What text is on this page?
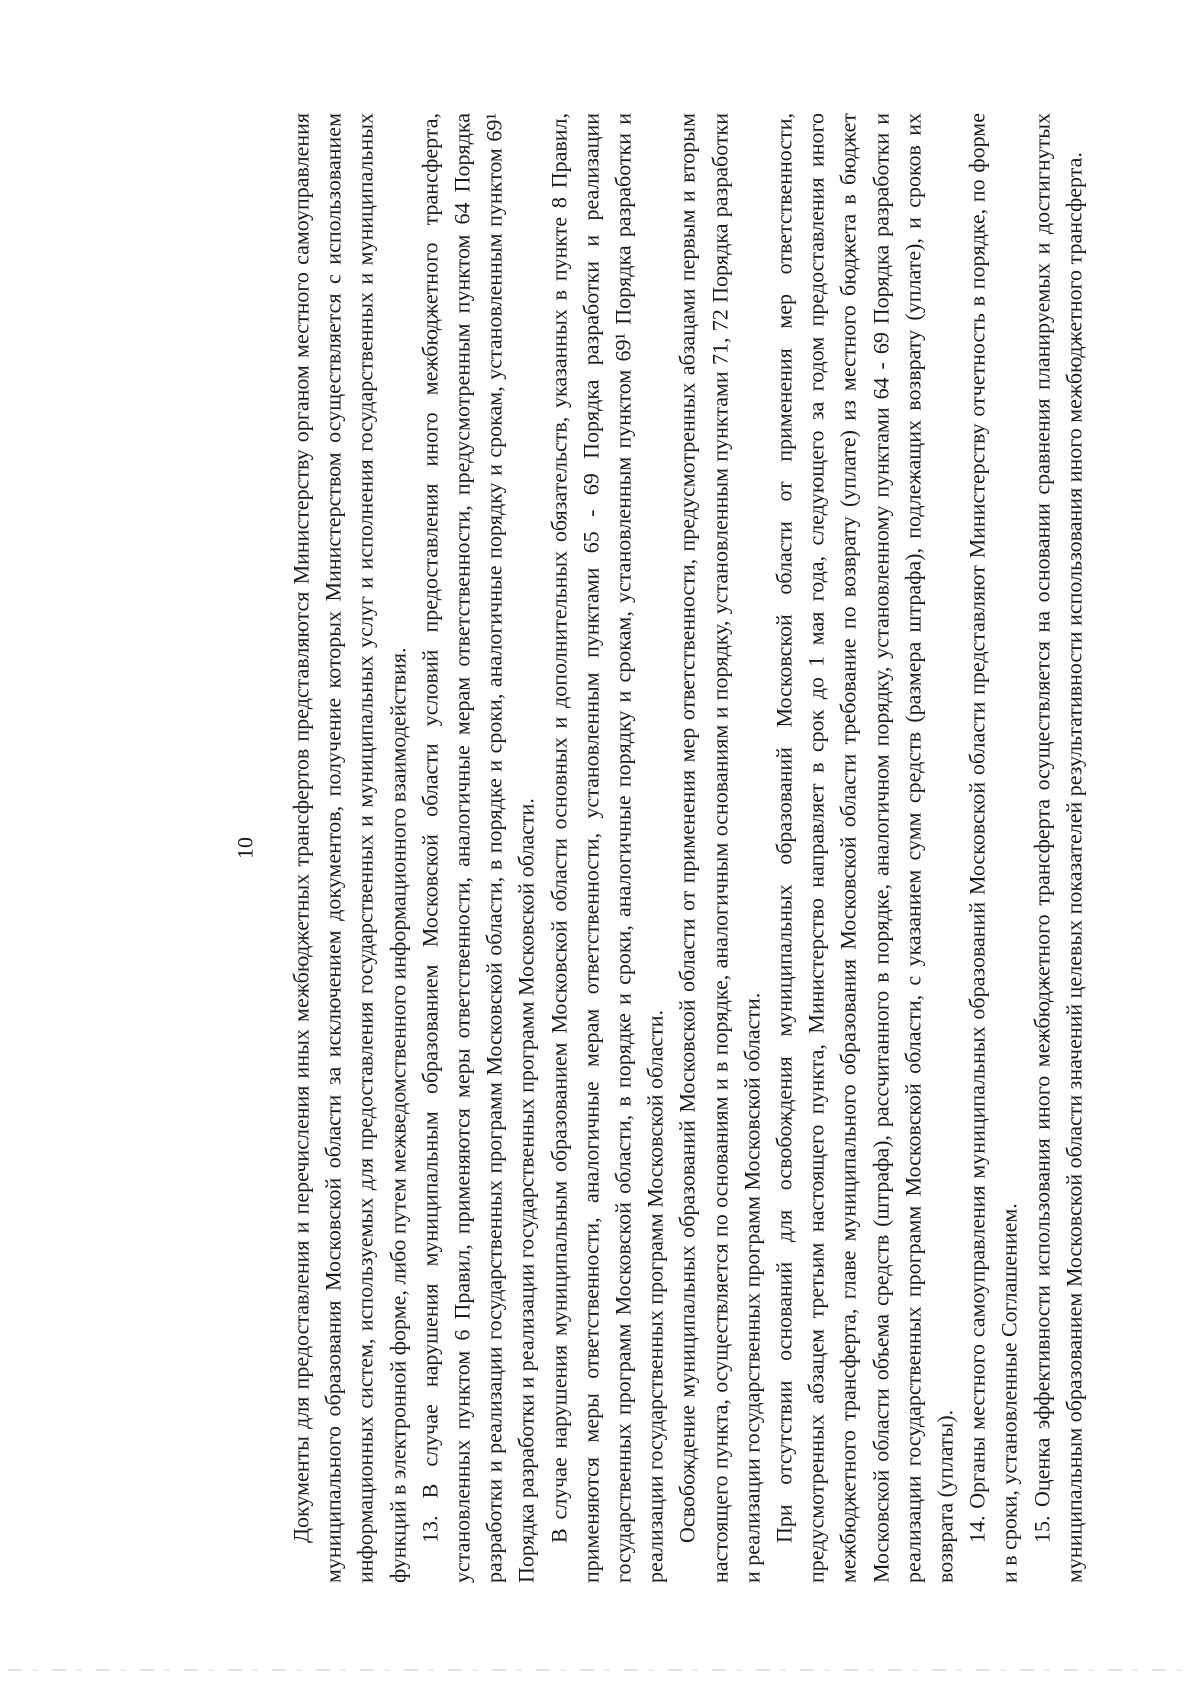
10 Документы для предоставления и перечисления иных межбюджетных трансфертов представляются Министерству органом местного самоуправления муниципального образования Московской области за исключением документов, получение которых Министерством осуществляется с использованием информационных систем, используемых для предоставления государственных и муниципальных услуг и исполнения государственных и муниципальных функций в электронной форме, либо путем межведомственного информационного взаимодействия. 13. В случае нарушения муниципальным образованием Московской области условий предоставления иного межбюджетного трансферта, установленных пунктом 6 Правил, применяются меры ответственности, аналогичные мерам ответственности, предусмотренным пунктом 64 Порядка разработки и реализации государственных программ Московской области, в порядке и сроки, аналогичные порядку и срокам, установленным пунктом 69¹ Порядка разработки и реализации государственных программ Московской области. В случае нарушения муниципальным образованием Московской области основных и дополнительных обязательств, указанных в пункте 8 Правил, применяются меры ответственности, аналогичные мерам ответственности, установленным пунктами 65 - 69 Порядка разработки и реализации государственных программ Московской области, в порядке и сроки, аналогичные порядку и срокам, установленным пунктом 69¹ Порядка разработки и реализации государственных программ Московской области. Освобождение муниципальных образований Московской области от применения мер ответственности, предусмотренных абзацами первым и вторым настоящего пункта, осуществляется по основаниям и в порядке, аналогичным основаниям и порядку, установленным пунктами 71, 72 Порядка разработки и реализации государственных программ Московской области. При отсутствии оснований для освобождения муниципальных образований Московской области от применения мер ответственности, предусмотренных абзацем третьим настоящего пункта, Министерство направляет в срок до 1 мая года, следующего за годом предоставления иного межбюджетного трансферта, главе муниципального образования Московской области требование по возврату (уплате) из местного бюджета в бюджет Московской области объема средств (штрафа), рассчитанного в порядке, аналогичном порядку, установленному пунктами 64 - 69 Порядка разработки и реализации государственных программ Московской области, с указанием сумм средств (размера штрафа), подлежащих возврату (уплате), и сроков их возврата (уплаты). 14. Органы местного самоуправления муниципальных образований Московской области представляют Министерству отчетность в порядке, по форме и в сроки, установленные Соглашением. 15. Оценка эффективности использования иного межбюджетного трансферта осуществляется на основании сравнения планируемых и достигнутых муниципальным образованием Московской области значений целевых показателей результативности использования иного межбюджетного трансферта.
